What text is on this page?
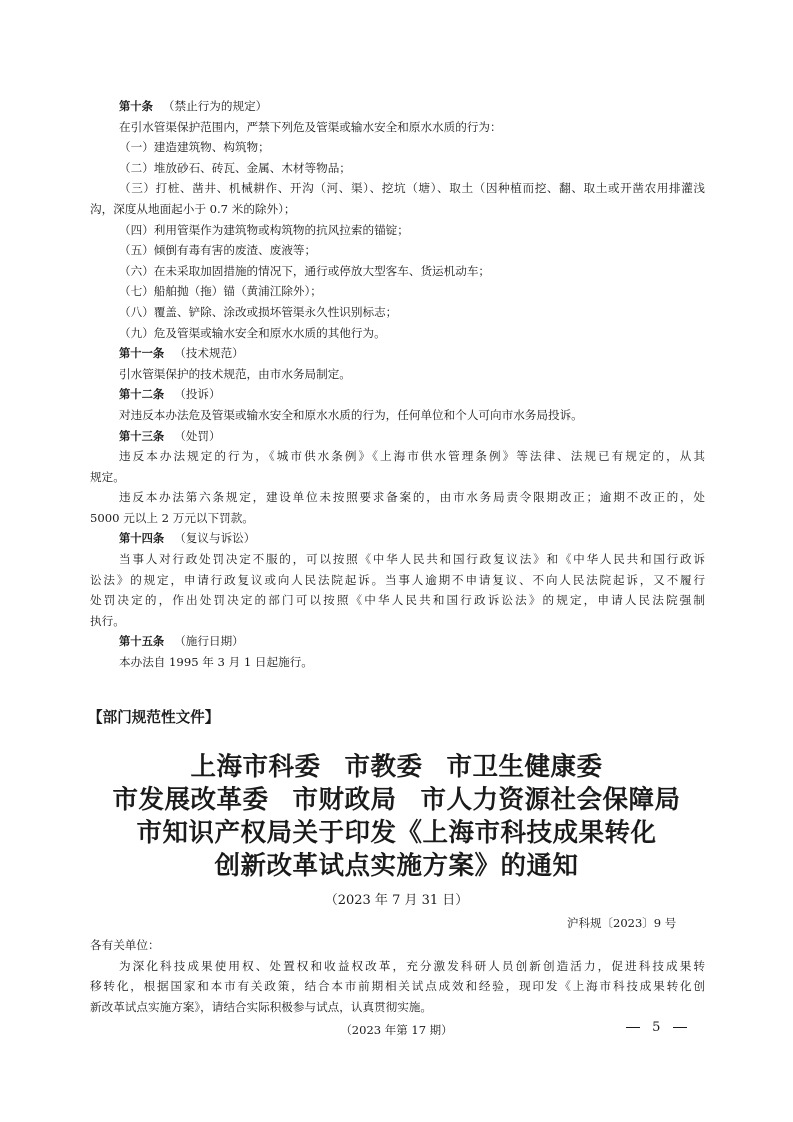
第十条 （禁止行为的规定）
在引水管渠保护范围内，严禁下列危及管渠或输水安全和原水水质的行为：
（一）建造建筑物、构筑物；
（二）堆放砂石、砖瓦、金属、木材等物品；
（三）打桩、凿井、机械耕作、开沟（河、渠）、挖坑（塘）、取土（因种植而挖、翻、取土或开凿农用排灌浅
沟，深度从地面起小于 0.7 米的除外）；
（四）利用管渠作为建筑物或构筑物的抗风拉索的锚锭；
（五）倾倒有毒有害的废渣、废液等；
（六）在未采取加固措施的情况下，通行或停放大型客车、货运机动车；
（七）船舶抛（拖）锚（黄浦江除外）；
（八）覆盖、铲除、涂改或损坏管渠永久性识别标志；
（九）危及管渠或输水安全和原水水质的其他行为。
第十一条 （技术规范）
引水管渠保护的技术规范，由市水务局制定。
第十二条 （投诉）
对违反本办法危及管渠或输水安全和原水水质的行为，任何单位和个人可向市水务局投诉。
第十三条 （处罚）
违反本办法规定的行为，《城市供水条例》《上海市供水管理条例》等法律、法规已有规定的，从其
规定。
违反本办法第六条规定，建设单位未按照要求备案的，由市水务局责令限期改正；逾期不改正的，处
5000 元以上 2 万元以下罚款。
第十四条 （复议与诉讼）
当事人对行政处罚决定不服的，可以按照《中华人民共和国行政复议法》和《中华人民共和国行政诉
讼法》的规定，申请行政复议或向人民法院起诉。当事人逾期不申请复议、不向人民法院起诉，又不履行
处罚决定的，作出处罚决定的部门可以按照《中华人民共和国行政诉讼法》的规定，申请人民法院强制
执行。
第十五条 （施行日期）
本办法自 1995 年 3 月 1 日起施行。
【部门规范性文件】
上海市科委 市教委 市卫生健康委
市发展改革委 市财政局 市人力资源社会保障局
市知识产权局关于印发《上海市科技成果转化
创新改革试点实施方案》的通知
（2023 年 7 月 31 日）
沪科规〔2023〕9 号
各有关单位：
为深化科技成果使用权、处置权和收益权改革，充分激发科研人员创新创造活力，促进科技成果转
移转化，根据国家和本市有关政策，结合本市前期相关试点成效和经验，现印发《上海市科技成果转化创
新改革试点实施方案》，请结合实际积极参与试点，认真贯彻实施。
（2023 年第 17 期）	5
